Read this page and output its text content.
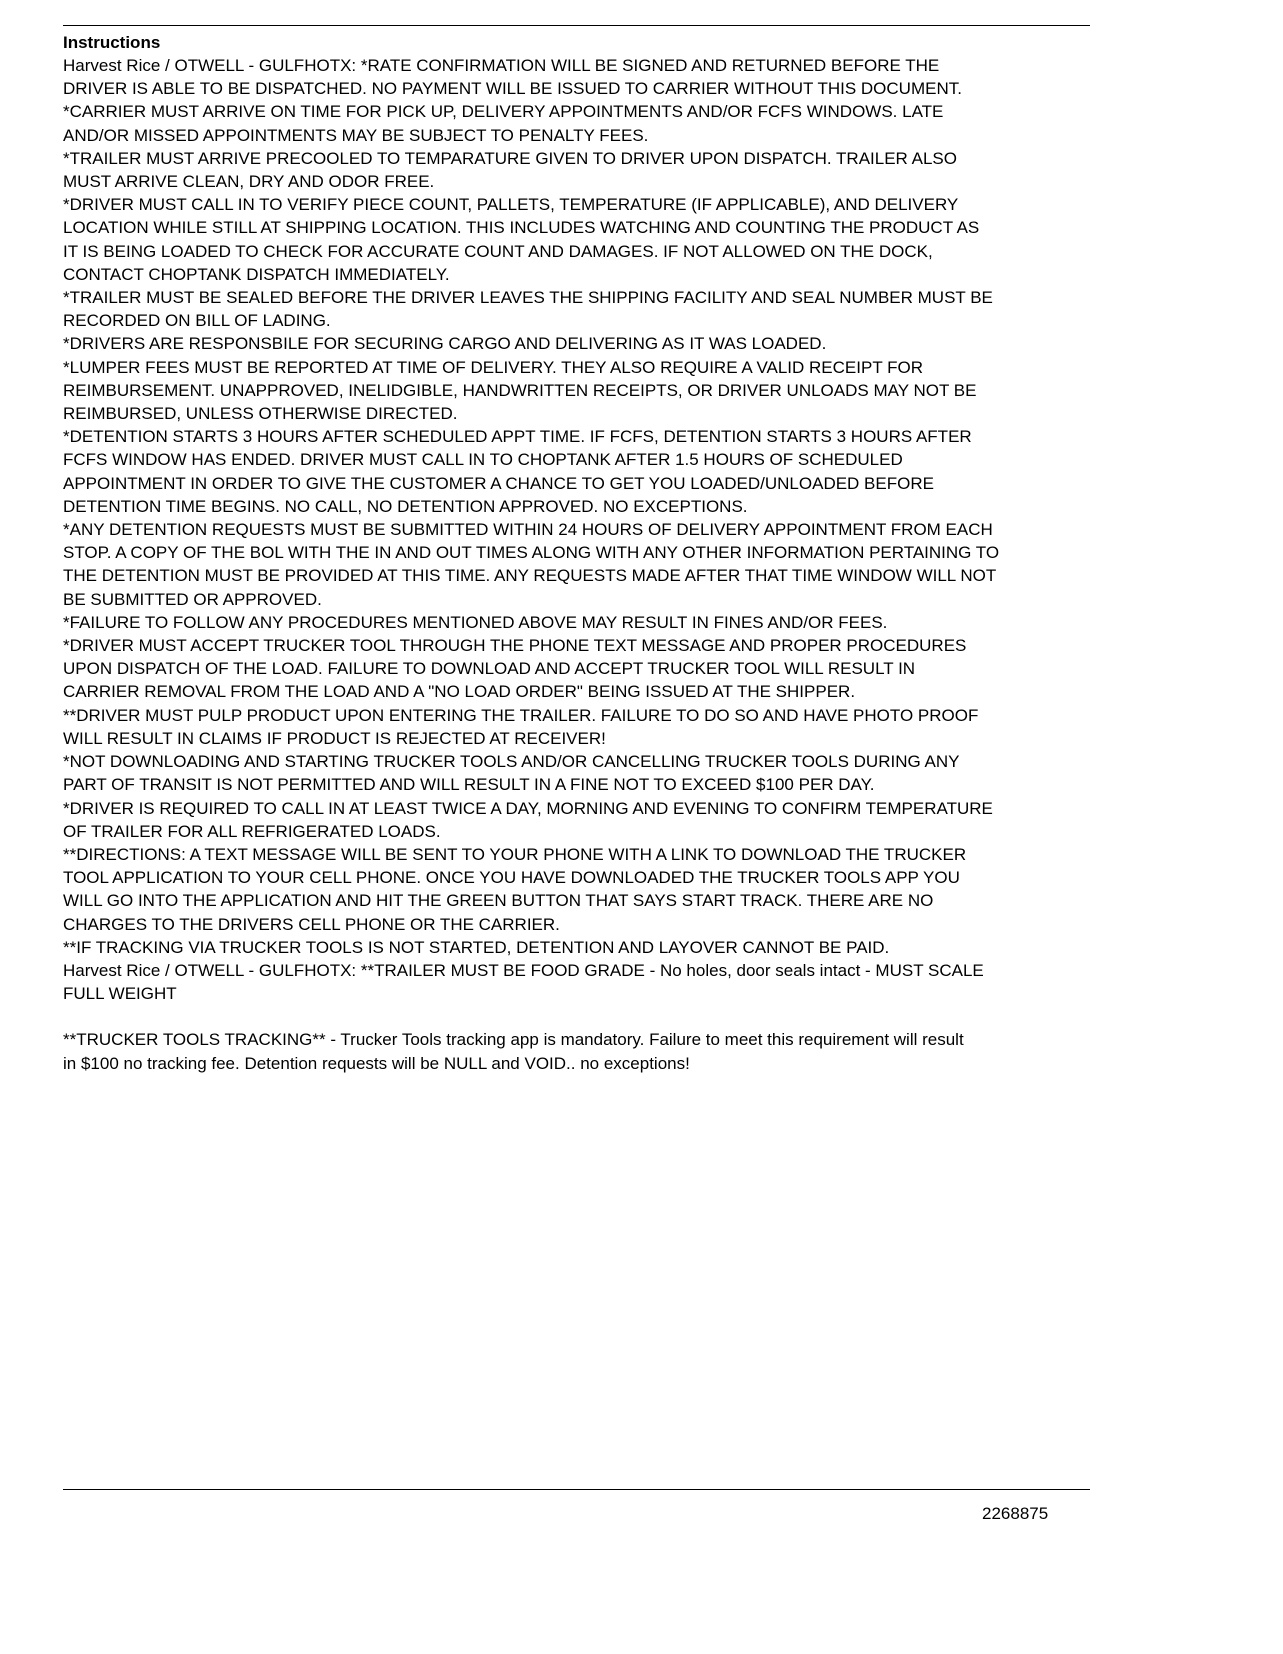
Instructions
Harvest Rice / OTWELL - GULFHOTX: *RATE CONFIRMATION WILL BE SIGNED AND RETURNED BEFORE THE
DRIVER IS ABLE TO BE DISPATCHED. NO PAYMENT WILL BE ISSUED TO CARRIER WITHOUT THIS DOCUMENT.
*CARRIER MUST ARRIVE ON TIME FOR PICK UP, DELIVERY APPOINTMENTS AND/OR FCFS WINDOWS. LATE
AND/OR MISSED APPOINTMENTS MAY BE SUBJECT TO PENALTY FEES.
*TRAILER MUST ARRIVE PRECOOLED TO TEMPARATURE GIVEN TO DRIVER UPON DISPATCH. TRAILER ALSO
MUST ARRIVE CLEAN, DRY AND ODOR FREE.
*DRIVER MUST CALL IN TO VERIFY PIECE COUNT, PALLETS, TEMPERATURE (IF APPLICABLE), AND DELIVERY
LOCATION WHILE STILL AT SHIPPING LOCATION. THIS INCLUDES WATCHING AND COUNTING THE PRODUCT AS
IT IS BEING LOADED TO CHECK FOR ACCURATE COUNT AND DAMAGES. IF NOT ALLOWED ON THE DOCK,
CONTACT CHOPTANK DISPATCH IMMEDIATELY.
*TRAILER MUST BE SEALED BEFORE THE DRIVER LEAVES THE SHIPPING FACILITY AND SEAL NUMBER MUST BE
RECORDED ON BILL OF LADING.
*DRIVERS ARE RESPONSBILE FOR SECURING CARGO AND DELIVERING AS IT WAS LOADED.
*LUMPER FEES MUST BE REPORTED AT TIME OF DELIVERY. THEY ALSO REQUIRE A VALID RECEIPT FOR
REIMBURSEMENT. UNAPPROVED, INELIDGIBLE, HANDWRITTEN RECEIPTS, OR DRIVER UNLOADS MAY NOT BE
REIMBURSED, UNLESS OTHERWISE DIRECTED.
*DETENTION STARTS 3 HOURS AFTER SCHEDULED APPT TIME. IF FCFS, DETENTION STARTS 3 HOURS AFTER
FCFS WINDOW HAS ENDED. DRIVER MUST CALL IN TO CHOPTANK AFTER 1.5 HOURS OF SCHEDULED
APPOINTMENT IN ORDER TO GIVE THE CUSTOMER A CHANCE TO GET YOU LOADED/UNLOADED BEFORE
DETENTION TIME BEGINS. NO CALL, NO DETENTION APPROVED. NO EXCEPTIONS.
*ANY DETENTION REQUESTS MUST BE SUBMITTED WITHIN 24 HOURS OF DELIVERY APPOINTMENT FROM EACH
STOP. A COPY OF THE BOL WITH THE IN AND OUT TIMES ALONG WITH ANY OTHER INFORMATION PERTAINING TO
THE DETENTION MUST BE PROVIDED AT THIS TIME. ANY REQUESTS MADE AFTER THAT TIME WINDOW WILL NOT
BE SUBMITTED OR APPROVED.
*FAILURE TO FOLLOW ANY PROCEDURES MENTIONED ABOVE MAY RESULT IN FINES AND/OR FEES.
*DRIVER MUST ACCEPT TRUCKER TOOL THROUGH THE PHONE TEXT MESSAGE AND PROPER PROCEDURES
UPON DISPATCH OF THE LOAD. FAILURE TO DOWNLOAD AND ACCEPT TRUCKER TOOL WILL RESULT IN
CARRIER REMOVAL FROM THE LOAD AND A "NO LOAD ORDER" BEING ISSUED AT THE SHIPPER.
**DRIVER MUST PULP PRODUCT UPON ENTERING THE TRAILER. FAILURE TO DO SO AND HAVE PHOTO PROOF
WILL RESULT IN CLAIMS IF PRODUCT IS REJECTED AT RECEIVER!
*NOT DOWNLOADING AND STARTING TRUCKER TOOLS AND/OR CANCELLING TRUCKER TOOLS DURING ANY
PART OF TRANSIT IS NOT PERMITTED AND WILL RESULT IN A FINE NOT TO EXCEED $100 PER DAY.
*DRIVER IS REQUIRED TO CALL IN AT LEAST TWICE A DAY, MORNING AND EVENING TO CONFIRM TEMPERATURE
OF TRAILER FOR ALL REFRIGERATED LOADS.
**DIRECTIONS: A TEXT MESSAGE WILL BE SENT TO YOUR PHONE WITH A LINK TO DOWNLOAD THE TRUCKER
TOOL APPLICATION TO YOUR CELL PHONE. ONCE YOU HAVE DOWNLOADED THE TRUCKER TOOLS APP YOU
WILL GO INTO THE APPLICATION AND HIT THE GREEN BUTTON THAT SAYS START TRACK. THERE ARE NO
CHARGES TO THE DRIVERS CELL PHONE OR THE CARRIER.
**IF TRACKING VIA TRUCKER TOOLS IS NOT STARTED, DETENTION AND LAYOVER CANNOT BE PAID.
Harvest Rice / OTWELL - GULFHOTX: **TRAILER MUST BE FOOD GRADE - No holes, door seals intact - MUST SCALE
FULL WEIGHT
**TRUCKER TOOLS TRACKING** - Trucker Tools tracking app is mandatory. Failure to meet this requirement will result
in $100 no tracking fee. Detention requests will be NULL and VOID.. no exceptions!
2268875
